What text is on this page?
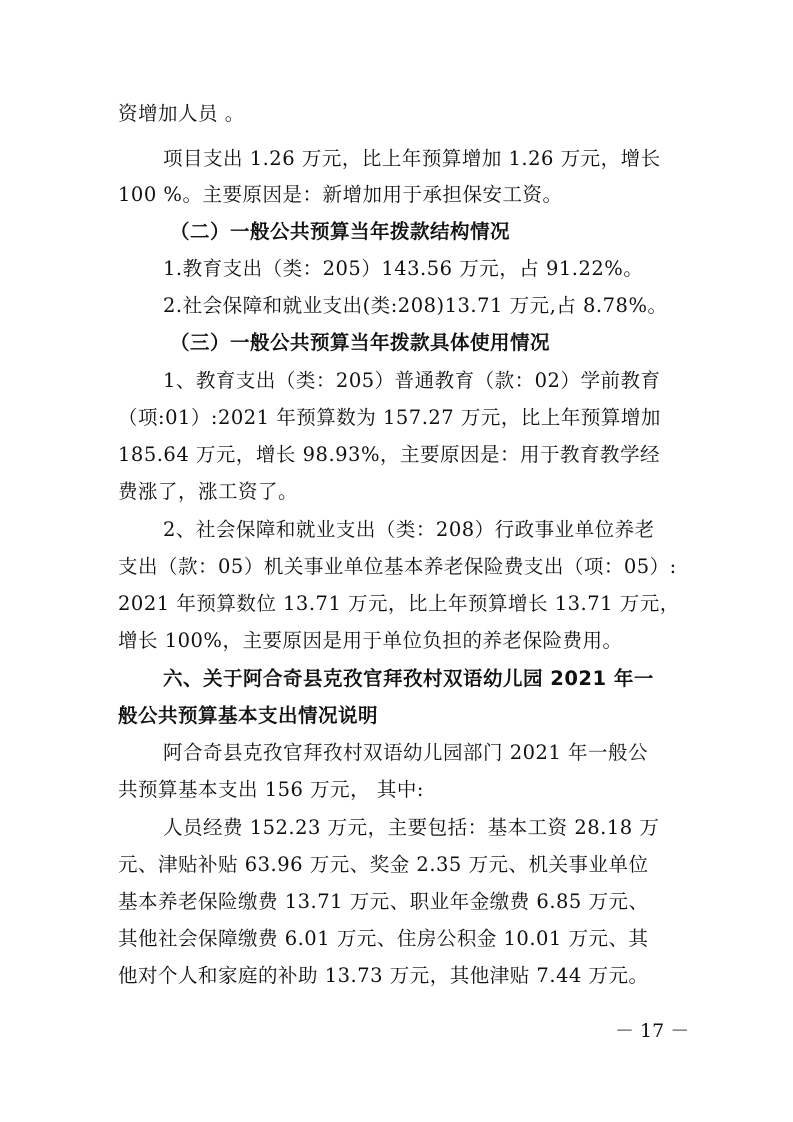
资增加人员 。
项目支出 1.26 万元，比上年预算增加 1.26 万元，增长
100 %。主要原因是：新增加用于承担保安工资。
（二）一般公共预算当年拨款结构情况
1.教育支出（类：205）143.56 万元，占 91.22%。
2.社会保障和就业支出(类:208)13.71 万元,占 8.78%。
（三）一般公共预算当年拨款具体使用情况
1、教育支出（类：205）普通教育（款：02）学前教育
（项:01）:2021 年预算数为 157.27 万元，比上年预算增加
185.64 万元，增长 98.93%，主要原因是：用于教育教学经
费涨了，涨工资了。
2、社会保障和就业支出（类：208）行政事业单位养老
支出（款：05）机关事业单位基本养老保险费支出（项：05）:
2021 年预算数位 13.71 万元，比上年预算增长 13.71 万元，
增长 100%，主要原因是用于单位负担的养老保险费用。
六、关于阿合奇县克孜官拜孜村双语幼儿园 2021 年一
般公共预算基本支出情况说明
阿合奇县克孜官拜孜村双语幼儿园部门 2021 年一般公
共预算基本支出 156 万元， 其中:
人员经费 152.23 万元，主要包括：基本工资 28.18 万
元、津贴补贴 63.96 万元、奖金 2.35 万元、机关事业单位
基本养老保险缴费 13.71 万元、职业年金缴费 6.85 万元、
其他社会保障缴费 6.01 万元、住房公积金 10.01 万元、其
他对个人和家庭的补助 13.73 万元，其他津贴 7.44 万元。
－ 17 －
